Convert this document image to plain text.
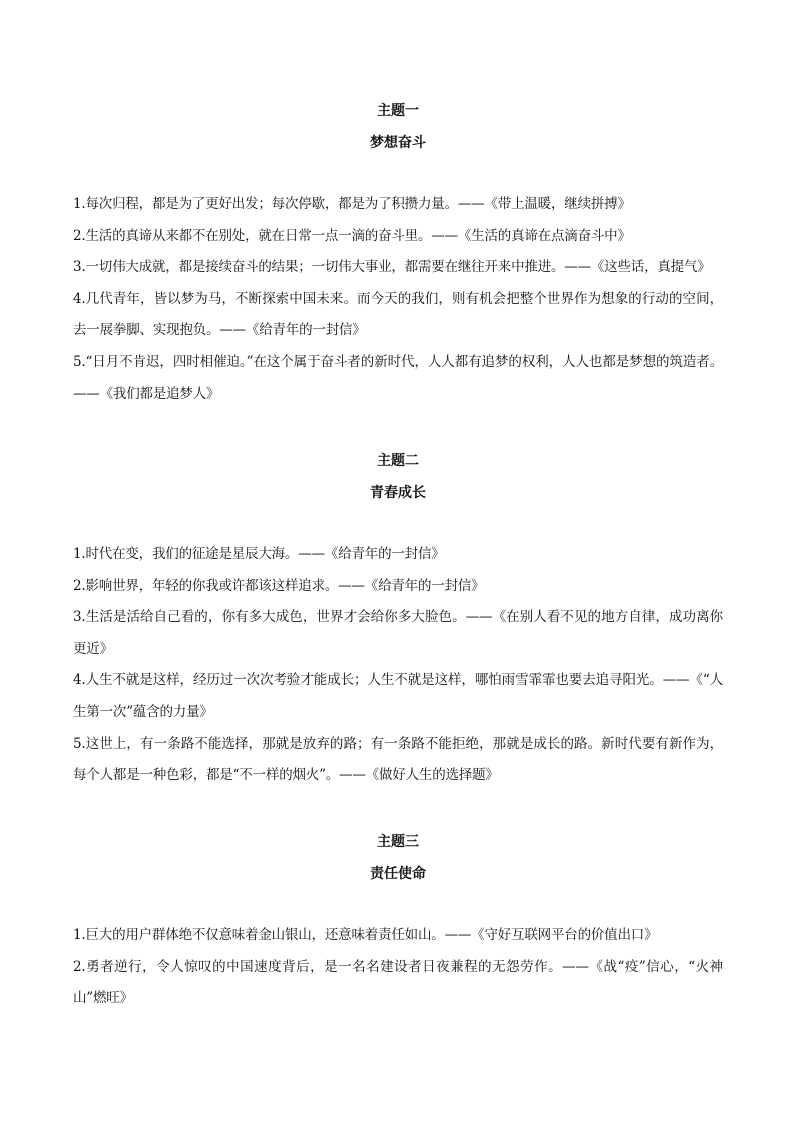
主题一

梦想奋斗

1.每次归程，都是为了更好出发；每次停歇，都是为了积攒力量。——《带上温暖，继续拼搏》

2.生活的真谛从来都不在别处，就在日常一点一滴的奋斗里。——《生活的真谛在点滴奋斗中》

3.一切伟大成就，都是接续奋斗的结果；一切伟大事业，都需要在继往开来中推进。——《这些话，真提气》

4.几代青年，皆以梦为马，不断探索中国未来。而今天的我们，则有机会把整个世界作为想象的行动的空间，去一展拳脚、实现抱负。——《给青年的一封信》

5.“日月不肯迟，四时相催迫。”在这个属于奋斗者的新时代，人人都有追梦的权利，人人也都是梦想的筑造者。——《我们都是追梦人》

主题二

青春成长

1.时代在变，我们的征途是星辰大海。——《给青年的一封信》

2.影响世界，年轻的你我或许都该这样追求。——《给青年的一封信》

3.生活是活给自己看的，你有多大成色，世界才会给你多大脸色。——《在别人看不见的地方自律，成功离你更近》

4.人生不就是这样，经历过一次次考验才能成长；人生不就是这样，哪怕雨雪霏霏也要去追寻阳光。——《“人生第一次”蕴含的力量》

5.这世上，有一条路不能选择，那就是放弃的路；有一条路不能拒绝，那就是成长的路。新时代要有新作为，每个人都是一种色彩，都是“不一样的烟火”。——《做好人生的选择题》

主题三

责任使命

1.巨大的用户群体绝不仅意味着金山银山，还意味着责任如山。——《守好互联网平台的价值出口》

2.勇者逆行，令人惊叹的中国速度背后，是一名名建设者日夜兼程的无怨劳作。——《战“疫”信心，“火神山”燃旺》
